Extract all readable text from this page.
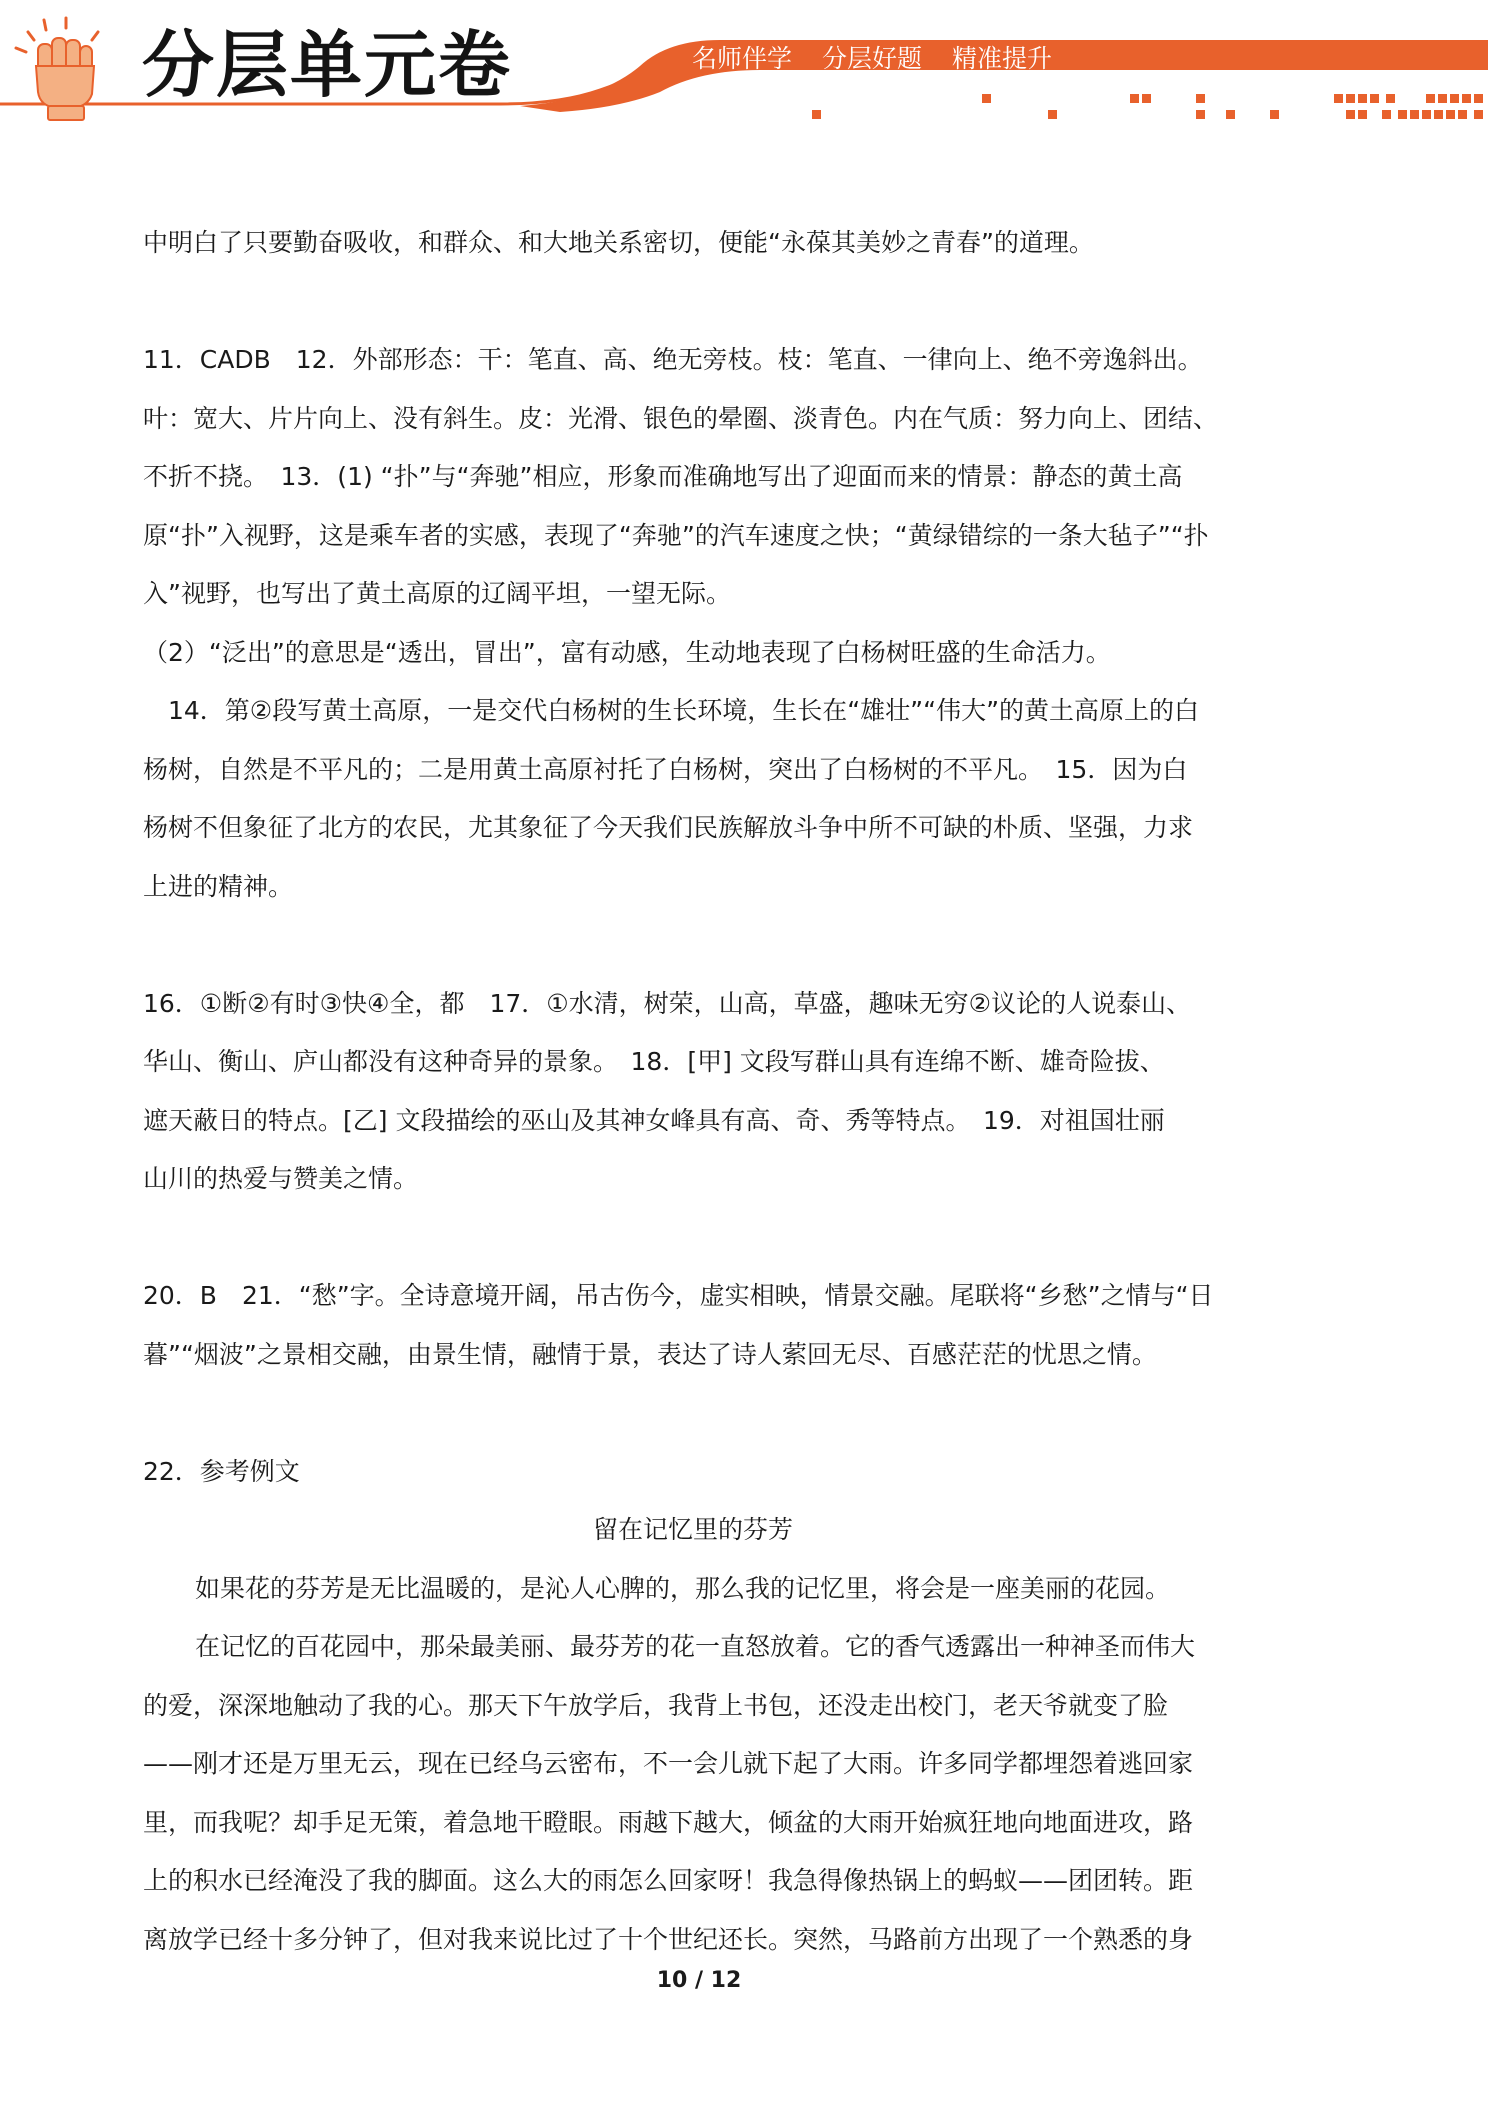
分层单元卷	名师伴学 分层好题 精准提升

中明白了只要勤奋吸收，和群众、和大地关系密切，便能“永葆其美妙之青春”的道理。

11．CADB　12．外部形态：干：笔直、高、绝无旁枝。枝：笔直、一律向上、绝不旁逸斜出。

叶：宽大、片片向上、没有斜生。皮：光滑、银色的晕圈、淡青色。内在气质：努力向上、团结、

不折不挠。　13．(1) “扑”与“奔驰”相应，形象而准确地写出了迎面而来的情景：静态的黄土高

原“扑”入视野，这是乘车者的实感，表现了“奔驰”的汽车速度之快；“黄绿错综的一条大毡子”“扑

入”视野，也写出了黄土高原的辽阔平坦，一望无际。

（2）“泛出”的意思是“透出，冒出”，富有动感，生动地表现了白杨树旺盛的生命活力。

　14．第②段写黄土高原，一是交代白杨树的生长环境，生长在“雄壮”“伟大”的黄土高原上的白

杨树，自然是不平凡的；二是用黄土高原衬托了白杨树，突出了白杨树的不平凡。　15．因为白

杨树不但象征了北方的农民，尤其象征了今天我们民族解放斗争中所不可缺的朴质、坚强，力求

上进的精神。

16．①断②有时③快④全，都　17．①水清，树荣，山高，草盛，趣味无穷②议论的人说泰山、

华山、衡山、庐山都没有这种奇异的景象。　18．[甲] 文段写群山具有连绵不断、雄奇险拔、

遮天蔽日的特点。[乙] 文段描绘的巫山及其神女峰具有高、奇、秀等特点。　19．对祖国壮丽

山川的热爱与赞美之情。

20．B　21．“愁”字。全诗意境开阔，吊古伤今，虚实相映，情景交融。尾联将“乡愁”之情与“日

暮”“烟波”之景相交融，由景生情，融情于景，表达了诗人萦回无尽、百感茫茫的忧思之情。

22．参考例文

留在记忆里的芬芳

如果花的芬芳是无比温暖的，是沁人心脾的，那么我的记忆里，将会是一座美丽的花园。

在记忆的百花园中，那朵最美丽、最芬芳的花一直怒放着。它的香气透露出一种神圣而伟大

的爱，深深地触动了我的心。那天下午放学后，我背上书包，还没走出校门，老天爷就变了脸

——刚才还是万里无云，现在已经乌云密布，不一会儿就下起了大雨。许多同学都埋怨着逃回家

里，而我呢？却手足无策，着急地干瞪眼。雨越下越大，倾盆的大雨开始疯狂地向地面进攻，路

上的积水已经淹没了我的脚面。这么大的雨怎么回家呀！我急得像热锅上的蚂蚁——团团转。距

离放学已经十多分钟了，但对我来说比过了十个世纪还长。突然，马路前方出现了一个熟悉的身

10 / 12
